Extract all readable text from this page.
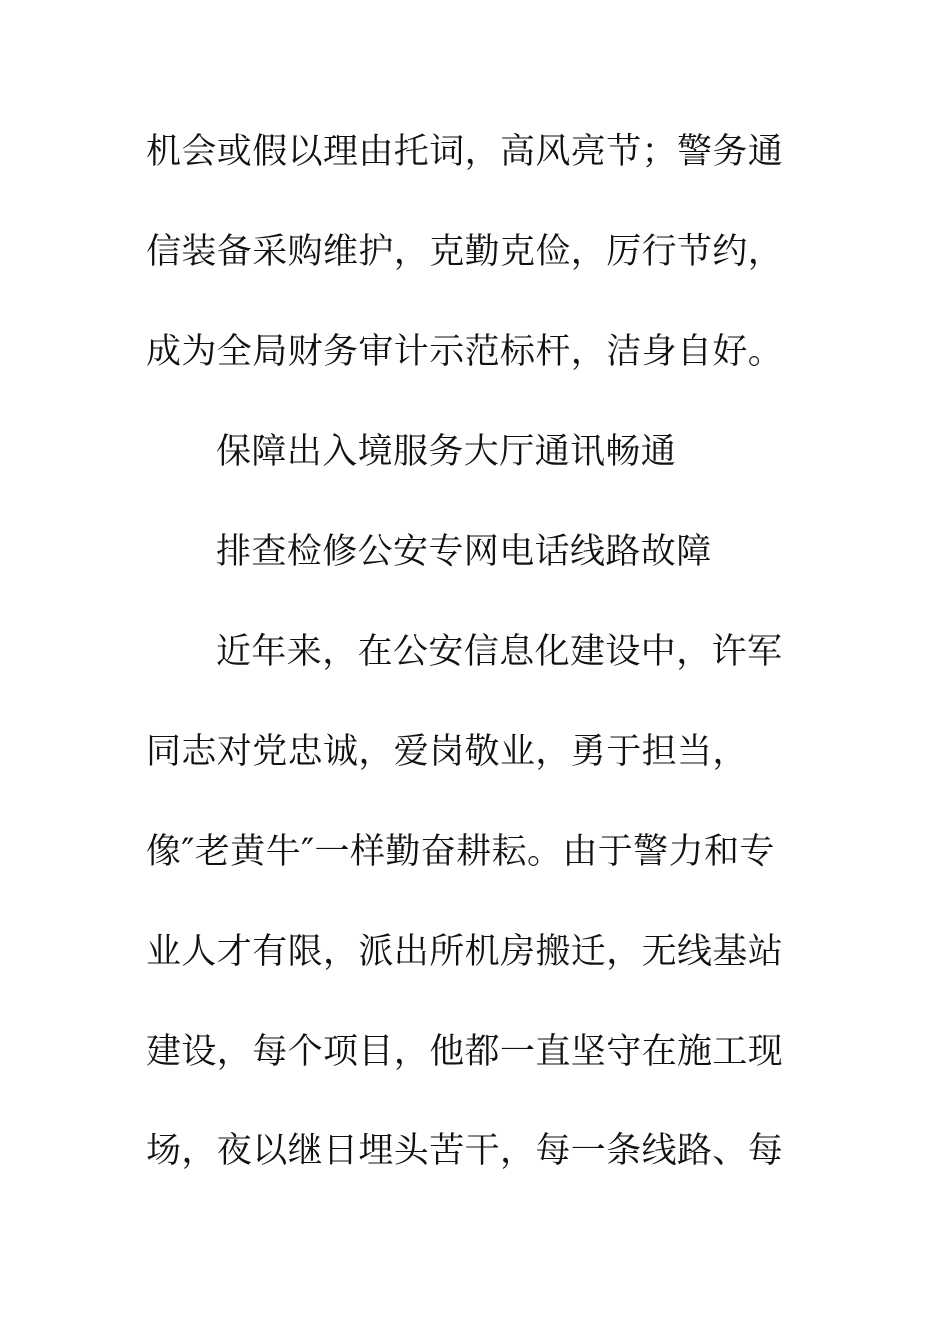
机会或假以理由托词，高风亮节；警务通
信装备采购维护，克勤克俭，厉行节约，
成为全局财务审计示范标杆，洁身自好。
保障出入境服务大厅通讯畅通
排查检修公安专网电话线路故障
近年来，在公安信息化建设中，许军
同志对党忠诚，爱岗敬业，勇于担当，
像″老黄牛″一样勤奋耕耘。由于警力和专
业人才有限，派出所机房搬迁，无线基站
建设，每个项目，他都一直坚守在施工现
场，夜以继日埋头苦干，每一条线路、每
